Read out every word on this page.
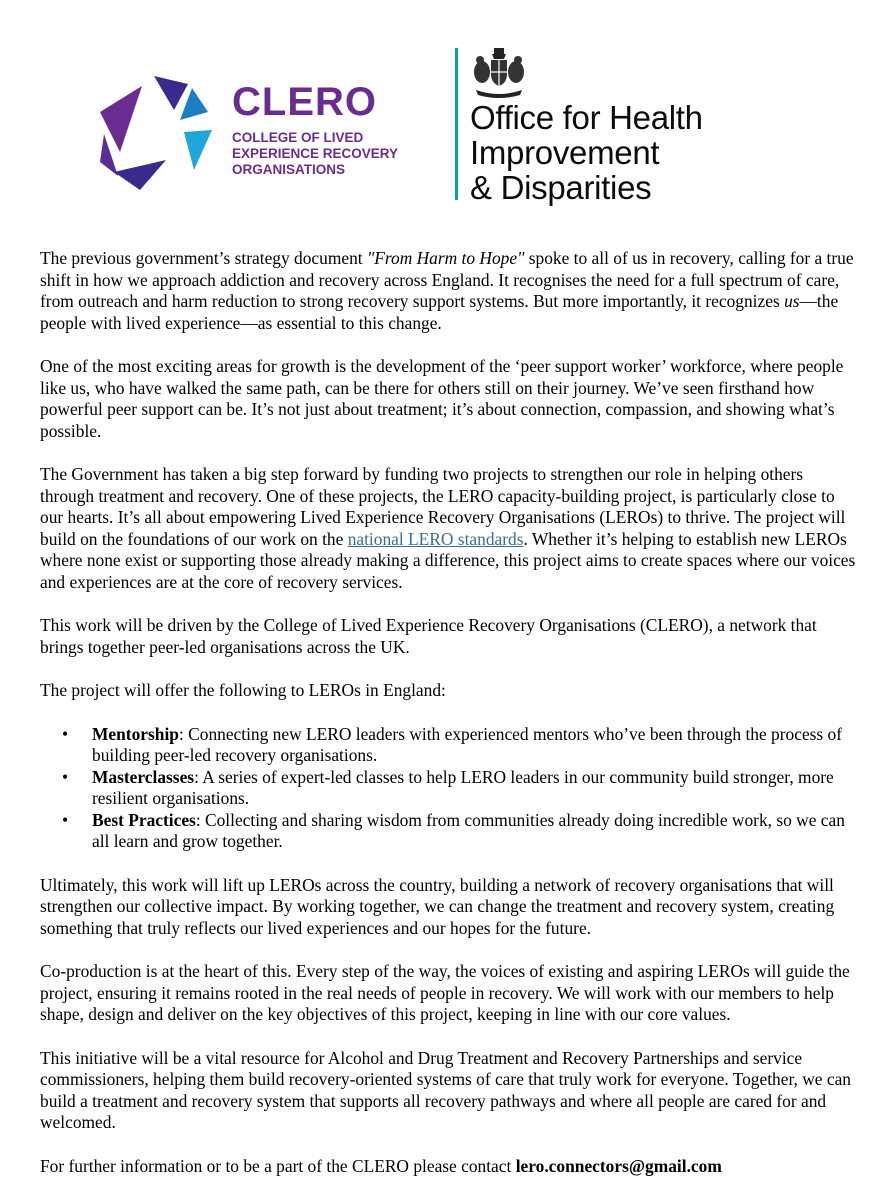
CLERO
COLLEGE OF LIVED
EXPERIENCE RECOVERY
ORGANISATIONS
Office for Health
Improvement
& Disparities

The previous government’s strategy document "From Harm to Hope" spoke to all of us in recovery, calling for a true shift in how we approach addiction and recovery across England. It recognises the need for a full spectrum of care, from outreach and harm reduction to strong recovery support systems. But more importantly, it recognizes us—the people with lived experience—as essential to this change.

One of the most exciting areas for growth is the development of the ‘peer support worker’ workforce, where people like us, who have walked the same path, can be there for others still on their journey. We’ve seen firsthand how powerful peer support can be. It’s not just about treatment; it’s about connection, compassion, and showing what’s possible.

The Government has taken a big step forward by funding two projects to strengthen our role in helping others through treatment and recovery. One of these projects, the LERO capacity-building project, is particularly close to our hearts. It’s all about empowering Lived Experience Recovery Organisations (LEROs) to thrive. The project will build on the foundations of our work on the national LERO standards. Whether it’s helping to establish new LEROs where none exist or supporting those already making a difference, this project aims to create spaces where our voices and experiences are at the core of recovery services.

This work will be driven by the College of Lived Experience Recovery Organisations (CLERO), a network that brings together peer-led organisations across the UK.

The project will offer the following to LEROs in England:

• Mentorship: Connecting new LERO leaders with experienced mentors who’ve been through the process of building peer-led recovery organisations.
• Masterclasses: A series of expert-led classes to help LERO leaders in our community build stronger, more resilient organisations.
• Best Practices: Collecting and sharing wisdom from communities already doing incredible work, so we can all learn and grow together.

Ultimately, this work will lift up LEROs across the country, building a network of recovery organisations that will strengthen our collective impact. By working together, we can change the treatment and recovery system, creating something that truly reflects our lived experiences and our hopes for the future.

Co-production is at the heart of this. Every step of the way, the voices of existing and aspiring LEROs will guide the project, ensuring it remains rooted in the real needs of people in recovery. We will work with our members to help shape, design and deliver on the key objectives of this project, keeping in line with our core values.

This initiative will be a vital resource for Alcohol and Drug Treatment and Recovery Partnerships and service commissioners, helping them build recovery-oriented systems of care that truly work for everyone. Together, we can build a treatment and recovery system that supports all recovery pathways and where all people are cared for and welcomed.

For further information or to be a part of the CLERO please contact lero.connectors@gmail.com
